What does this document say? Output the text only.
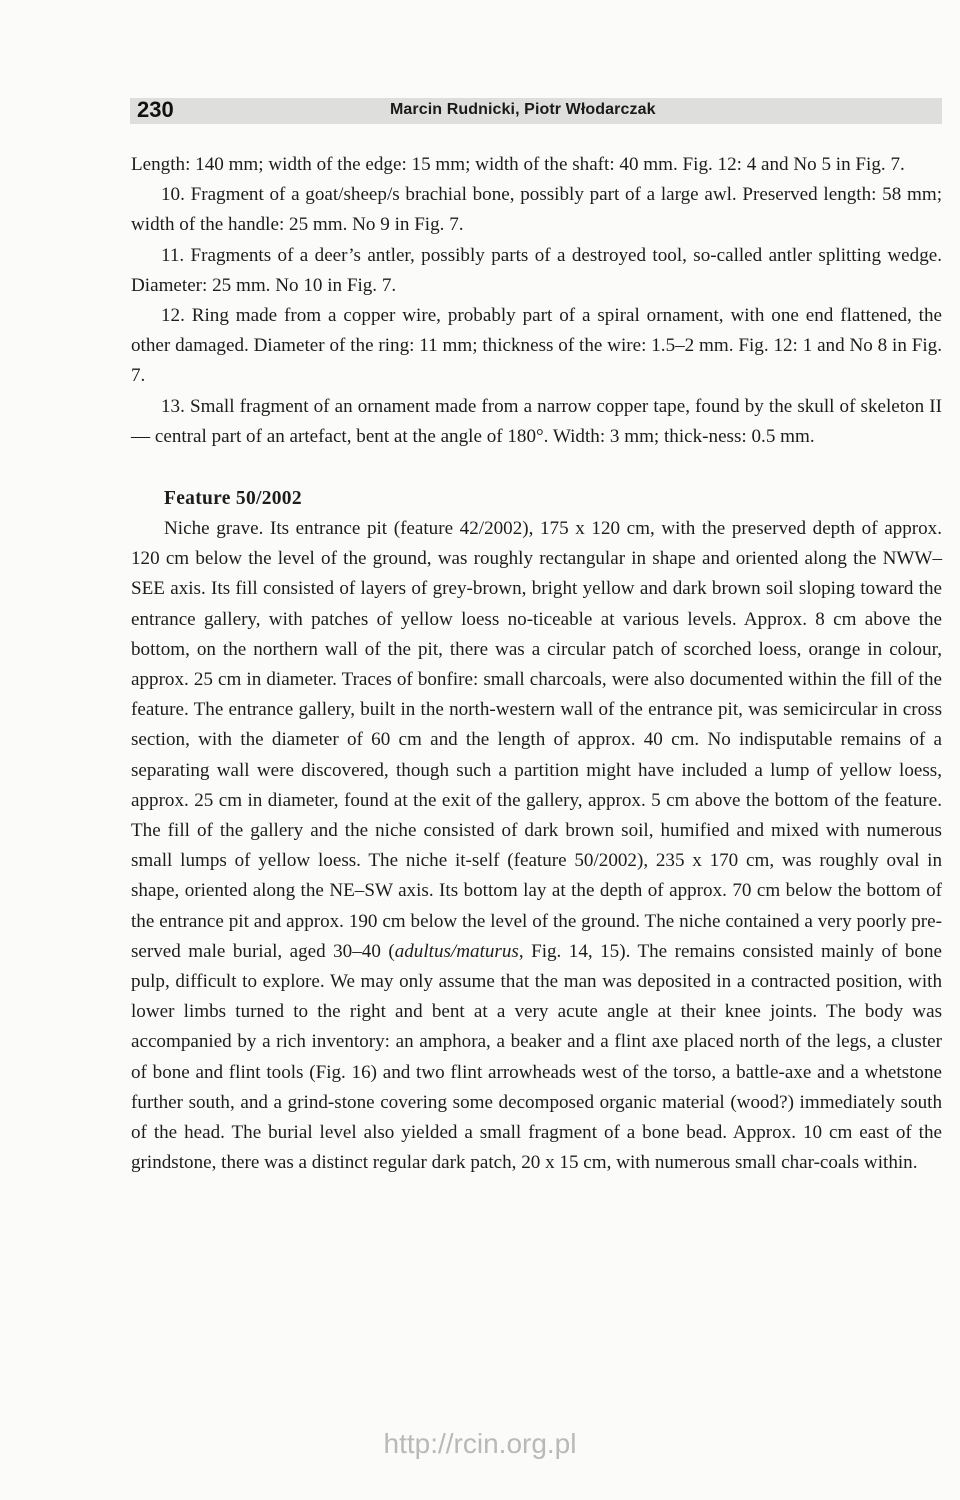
230	Marcin Rudnicki, Piotr Włodarczak

Length: 140 mm; width of the edge: 15 mm; width of the shaft: 40 mm. Fig. 12: 4 and No 5 in Fig. 7.

10. Fragment of a goat/sheep/s brachial bone, possibly part of a large awl. Preserved length: 58 mm; width of the handle: 25 mm. No 9 in Fig. 7.

11. Fragments of a deer’s antler, possibly parts of a destroyed tool, so-called antler splitting wedge. Diameter: 25 mm. No 10 in Fig. 7.

12. Ring made from a copper wire, probably part of a spiral ornament, with one end flattened, the other damaged. Diameter of the ring: 11 mm; thickness of the wire: 1.5–2 mm. Fig. 12: 1 and No 8 in Fig. 7.

13. Small fragment of an ornament made from a narrow copper tape, found by the skull of skeleton II — central part of an artefact, bent at the angle of 180°. Width: 3 mm; thick-ness: 0.5 mm.

Feature 50/2002

Niche grave. Its entrance pit (feature 42/2002), 175 x 120 cm, with the preserved depth of approx. 120 cm below the level of the ground, was roughly rectangular in shape and oriented along the NWW–SEE axis. Its fill consisted of layers of grey-brown, bright yellow and dark brown soil sloping toward the entrance gallery, with patches of yellow loess no-ticeable at various levels. Approx. 8 cm above the bottom, on the northern wall of the pit, there was a circular patch of scorched loess, orange in colour, approx. 25 cm in diameter. Traces of bonfire: small charcoals, were also documented within the fill of the feature. The entrance gallery, built in the north-western wall of the entrance pit, was semicircular in cross section, with the diameter of 60 cm and the length of approx. 40 cm. No indisputable remains of a separating wall were discovered, though such a partition might have included a lump of yellow loess, approx. 25 cm in diameter, found at the exit of the gallery, approx. 5 cm above the bottom of the feature. The fill of the gallery and the niche consisted of dark brown soil, humified and mixed with numerous small lumps of yellow loess. The niche it-self (feature 50/2002), 235 x 170 cm, was roughly oval in shape, oriented along the NE–SW axis. Its bottom lay at the depth of approx. 70 cm below the bottom of the entrance pit and approx. 190 cm below the level of the ground. The niche contained a very poorly pre-served male burial, aged 30–40 (adultus/maturus, Fig. 14, 15). The remains consisted mainly of bone pulp, difficult to explore. We may only assume that the man was deposited in a contracted position, with lower limbs turned to the right and bent at a very acute angle at their knee joints. The body was accompanied by a rich inventory: an amphora, a beaker and a flint axe placed north of the legs, a cluster of bone and flint tools (Fig. 16) and two flint arrowheads west of the torso, a battle-axe and a whetstone further south, and a grind-stone covering some decomposed organic material (wood?) immediately south of the head. The burial level also yielded a small fragment of a bone bead. Approx. 10 cm east of the grindstone, there was a distinct regular dark patch, 20 x 15 cm, with numerous small char-coals within.

http://rcin.org.pl
